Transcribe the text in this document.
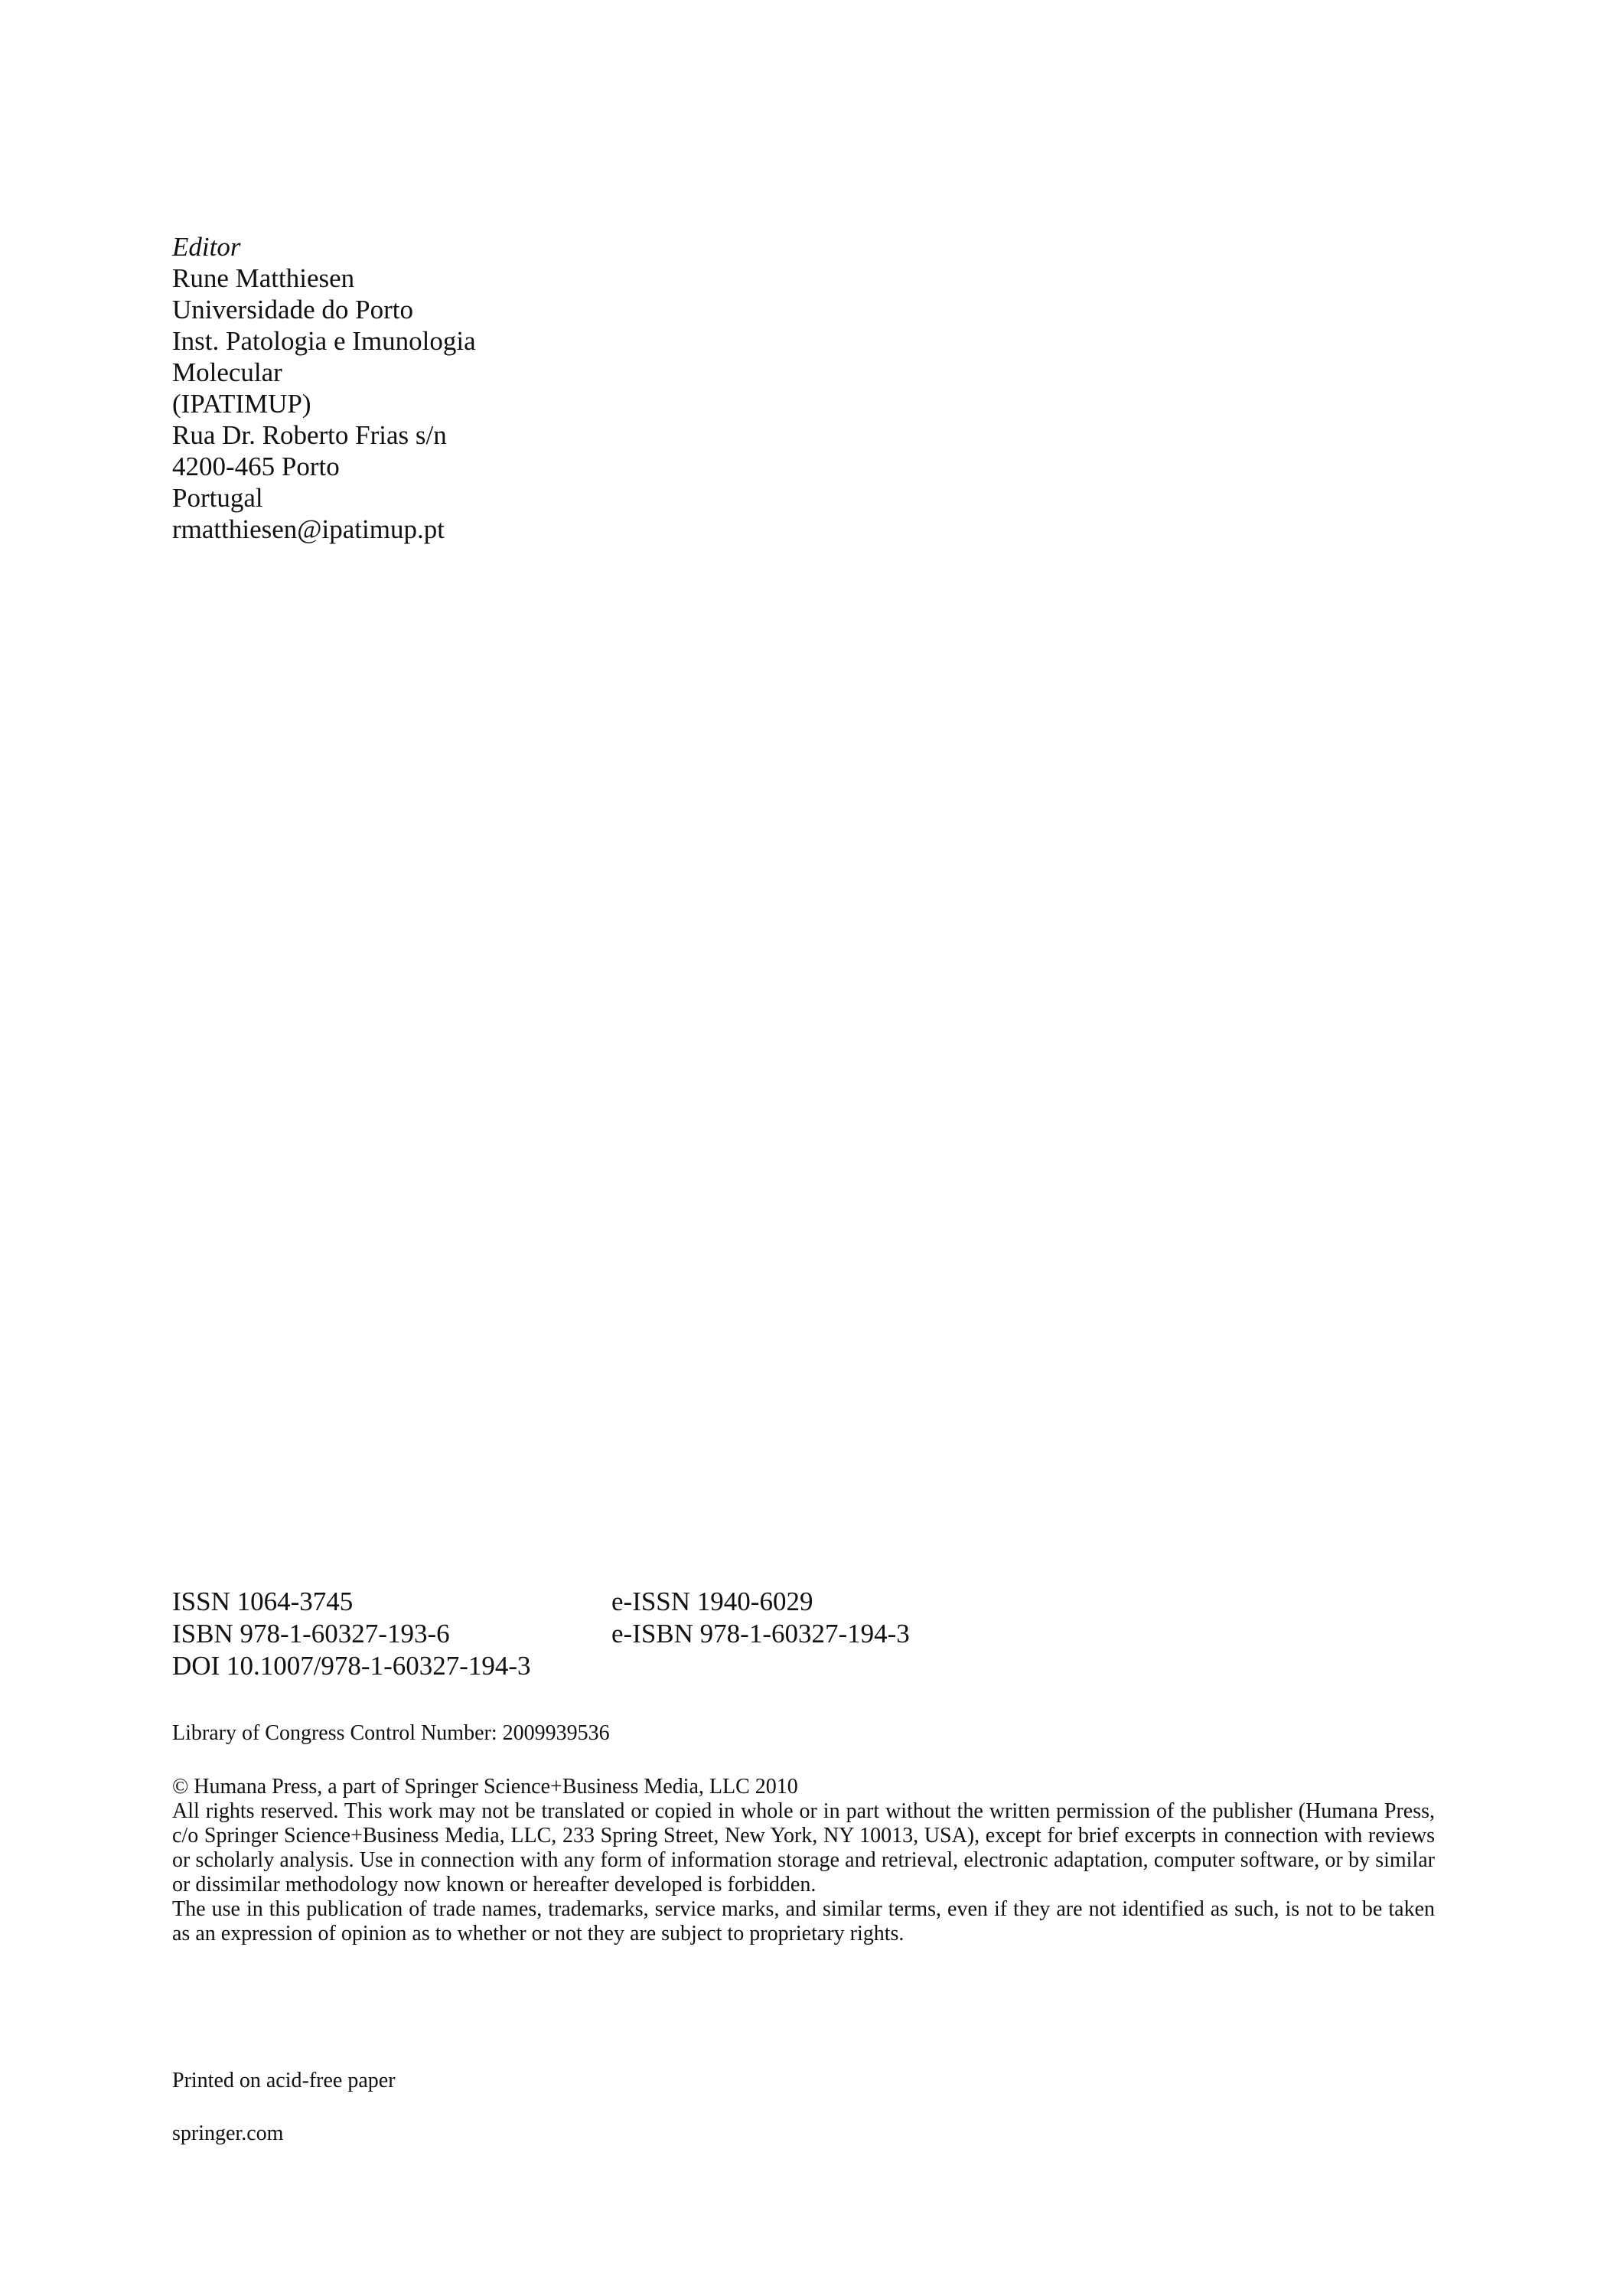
Editor

Rune Matthiesen

Universidade do Porto

Inst. Patologia e Imunologia

Molecular

(IPATIMUP)

Rua Dr. Roberto Frias s/n

4200-465 Porto

Portugal

rmatthiesen@ipatimup.pt

ISSN 1064-3745	e-ISSN 1940-6029
ISBN 978-1-60327-193-6	e-ISBN 978-1-60327-194-3
DOI 10.1007/978-1-60327-194-3
Library of Congress Control Number: 2009939536

© Humana Press, a part of Springer Science+Business Media, LLC 2010

All rights reserved. This work may not be translated or copied in whole or in part without the written permission of the publisher (Humana Press, c/o Springer Science+Business Media, LLC, 233 Spring Street, New York, NY 10013, USA), except for brief excerpts in connection with reviews or scholarly analysis. Use in connection with any form of information storage and retrieval, electronic adaptation, computer software, or by similar or dissimilar methodology now known or hereafter developed is forbidden.

The use in this publication of trade names, trademarks, service marks, and similar terms, even if they are not identified as such, is not to be taken as an expression of opinion as to whether or not they are subject to proprietary rights.

Printed on acid-free paper
springer.com
